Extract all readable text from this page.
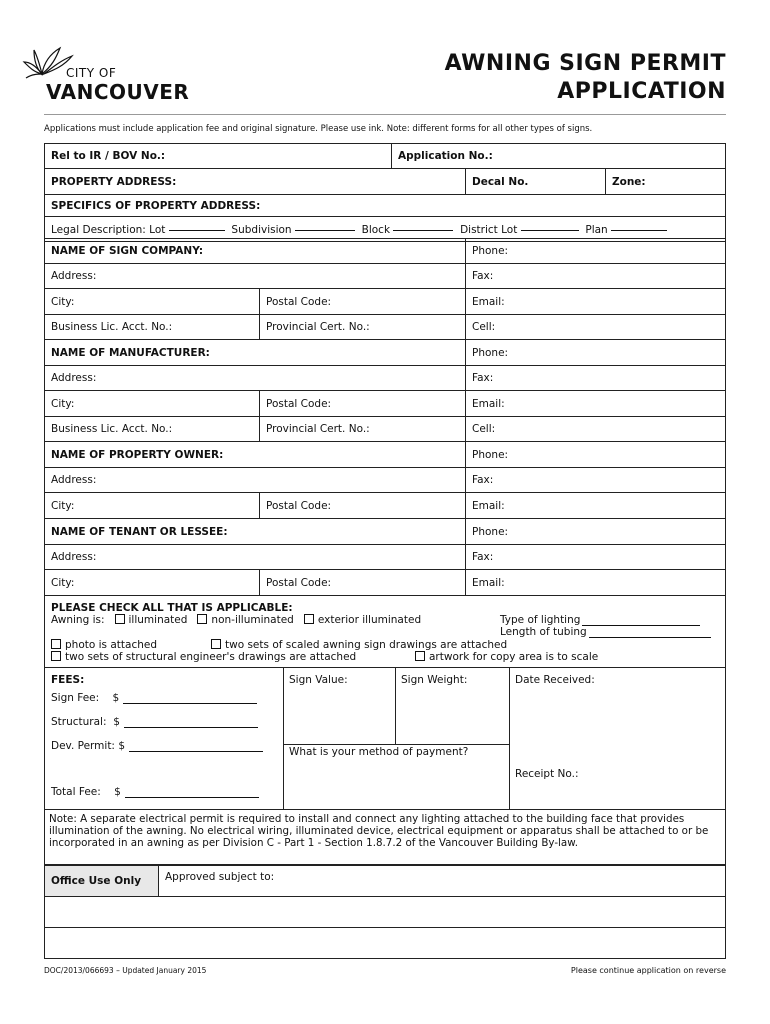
CITY OF
VANCOUVER
AWNING SIGN PERMIT
APPLICATION
Applications must include application fee and original signature. Please use ink. Note: different forms for all other types of signs.
Rel to IR / BOV No.:	Application No.:
PROPERTY ADDRESS:	Decal No.	Zone:
SPECIFICS OF PROPERTY ADDRESS:
Legal Description:
Lot

	Subdivision

	Block

	District Lot

	Plan

NAME OF SIGN COMPANY:	Phone:
Address:	Fax:
City:	Postal Code:	Email:
Business Lic. Acct. No.:	Provincial Cert. No.:	Cell:
NAME OF MANUFACTURER:	Phone:
Address:	Fax:
City:	Postal Code:	Email:
Business Lic. Acct. No.:	Provincial Cert. No.:	Cell:
NAME OF PROPERTY OWNER:	Phone:
Address:	Fax:
City:	Postal Code:	Email:
NAME OF TENANT OR LESSEE:	Phone:
Address:	Fax:
City:	Postal Code:	Email:
PLEASE CHECK ALL THAT IS APPLICABLE:
Awning is: illuminated non-illuminated exterior illuminated	Type of lighting
Length of tubing
photo is attached	two sets of scaled awning sign drawings are attached
two sets of structural engineer's drawings are attached	artwork for copy area is to scale
FEES:
Sign Fee: $
Structural: $
Dev. Permit: $
Total Fee: $
Sign Value:	Sign Weight:
What is your method of payment?
Date Received:
Receipt No.:
Note: A separate electrical permit is required to install and connect any lighting attached to the building face that provides illumination of the awning. No electrical wiring, illuminated device, electrical equipment or apparatus shall be attached to or be incorporated in an awning as per Division C - Part 1 - Section 1.8.7.2 of the Vancouver Building By-law.
Office Use Only	Approved subject to:
DOC/2013/066693 – Updated January 2015	Please continue application on reverse
